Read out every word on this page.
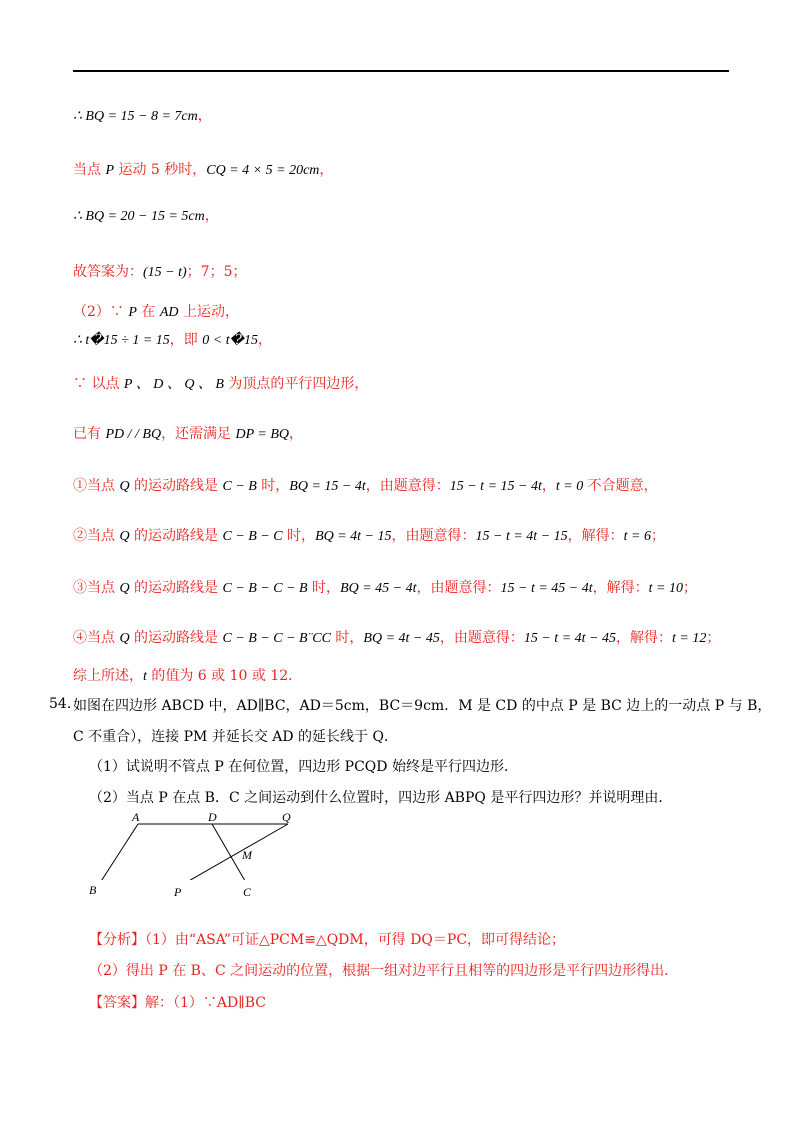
∴ BQ = 15 − 8 = 7cm，
当点 P 运动 5 秒时，CQ = 4 × 5 = 20cm，
∴ BQ = 20 − 15 = 5cm，
故答案为：(15 − t)；7；5；
（2）∵ P 在 AD 上运动，
∴ t�15 ÷ 1 = 15，即 0 < t�15，
∵ 以点 P 、 D 、 Q 、 B 为顶点的平行四边形，
已有 PD / / BQ，还需满足 DP = BQ，
①当点 Q 的运动路线是 C − B 时，BQ = 15 − 4t，由题意得：15 − t = 15 − 4t，t = 0 不合题意，
②当点 Q 的运动路线是 C − B − C 时，BQ = 4t − 15，由题意得：15 − t = 4t − 15，解得：t = 6；
③当点 Q 的运动路线是 C − B − C − B 时，BQ = 45 − 4t，由题意得：15 − t = 45 − 4t，解得：t = 10；
④当点 Q 的运动路线是 C − B − C − B¨CC 时，BQ = 4t − 45，由题意得：15 − t = 4t − 45，解得：t = 12；
综上所述，t 的值为 6 或 10 或 12．
54. 如图在四边形 ABCD 中，AD∥BC，AD＝5cm，BC＝9cm．M 是 CD 的中点 P 是 BC 边上的一动点 P 与 B，
C 不重合），连接 PM 并延长交 AD 的延长线于 Q．
（1）试说明不管点 P 在何位置，四边形 PCQD 始终是平行四边形．
（2）当点 P 在点 B．C 之间运动到什么位置时，四边形 ABPQ 是平行四边形？并说明理由．
A	D	Q
M
B	P	C
【分析】（1）由“ASA”可证△PCM≌△QDM，可得 DQ＝PC，即可得结论；
（2）得出 P 在 B、C 之间运动的位置，根据一组对边平行且相等的四边形是平行四边形得出．
【答案】解：（1）∵AD∥BC
